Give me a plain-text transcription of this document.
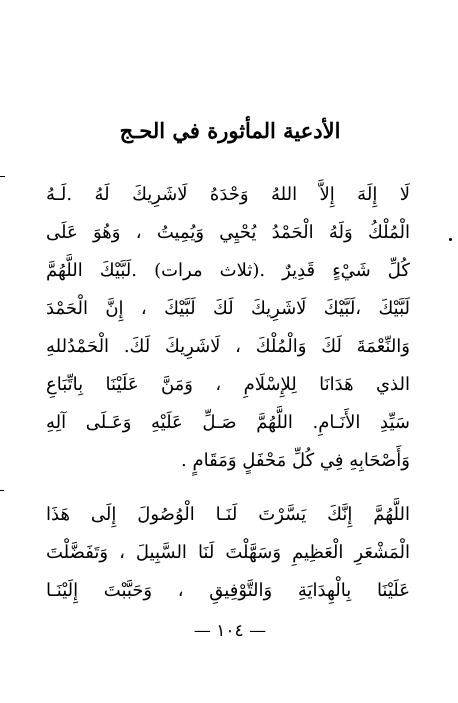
الأدعية المأثورة في الحـج
لَا إِلَهَ إِلاَّ اللهُ وَحْدَهُ لَاشَرِيكَ لَهُ .لَـهُ
الْمُلْكُ وَلَهُ الْحَمْدُ يُحْيِي وَيُمِيتُ ، وَهُوَ عَلَى
كُلِّ شَيْءٍ قَدِيرٌ .(ثلاث مرات) .لَبَّيْكَ اللَّهُمَّ
لَبَّيْكَ ،لَبَّيْكَ لَاشَرِيكَ لَكَ لَبَّيْكَ ، إِنَّ الْحَمْدَ
وَالنِّعْمَةَ لَكَ وَالْمُلْكَ ، لَاشَرِيكَ لَكَ. الْحَمْدُللهِ
الذي هَدَانَا لِلإِسْلَامِ ، وَمَنَّ عَلَيْنَا بِاتِّبَاعِ
سَيِّدِ الأَنَـامِ. اللَّهُمَّ صَـلِّ عَلَيْهِ وَعَـلَى آلِهِ
وَأَصْحَابِهِ فِي كُلِّ مَحْفَلٍ وَمَقَامٍ .
اللَّهُمَّ إِنَّكَ يَسَّرْتَ لَنَـا الْوُصُولَ إِلَى هَذَا
الْمَشْعَرِ الْعَظِيمِ وَسَهَّلْتَ لَنَا السَّبِيلَ ، وَتَفَضَّلْتَ
عَلَيْنَا بِالْهِدَايَةِ وَالتَّوْفِيقِ ، وَحَبَّبْتَ إِلَيْنَـا
— ١٠٤ —
